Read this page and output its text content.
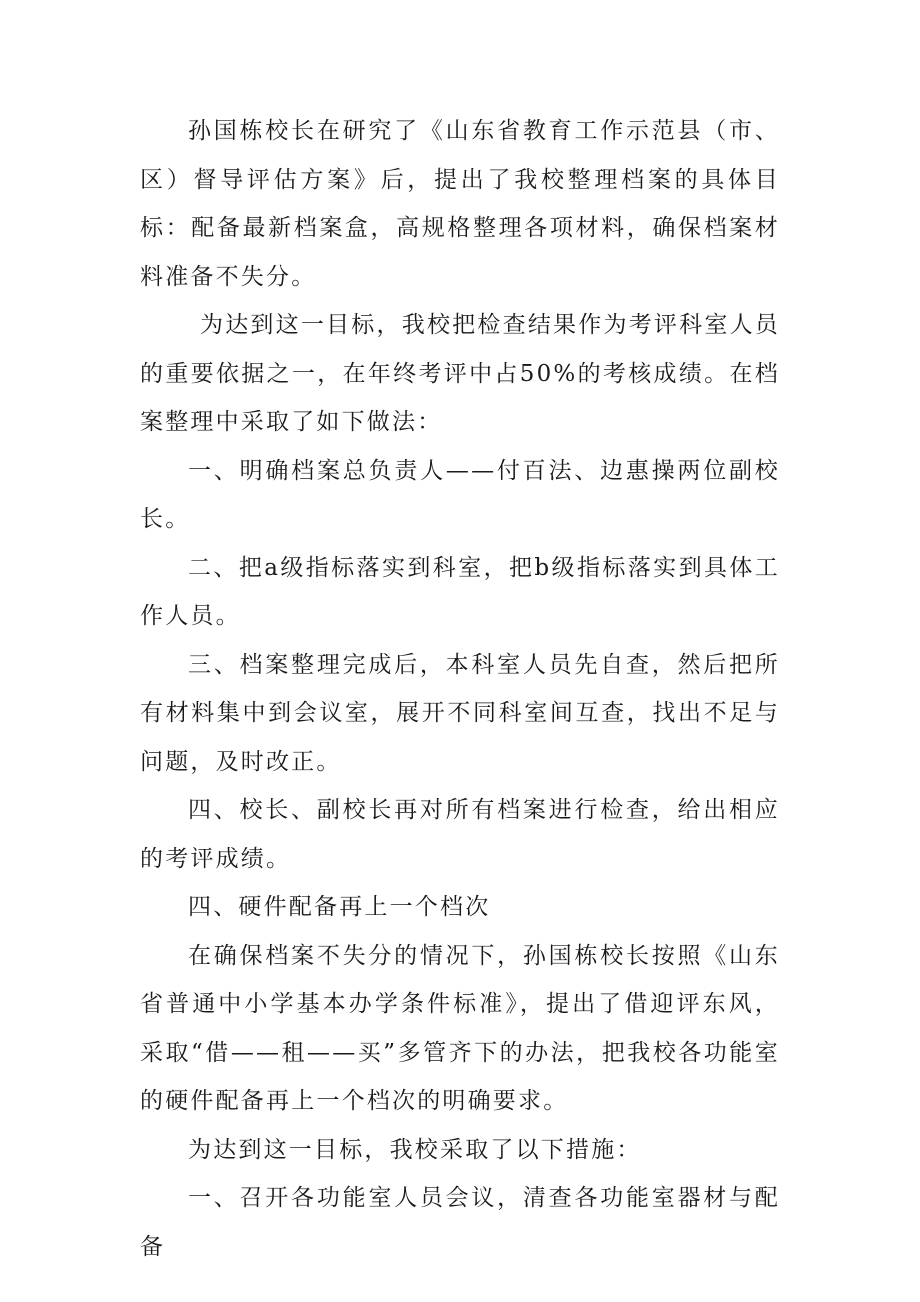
孙国栋校长在研究了《山东省教育工作示范县（市、区）督导评估方案》后，提出了我校整理档案的具体目标：配备最新档案盒，高规格整理各项材料，确保档案材料准备不失分。

为达到这一目标，我校把检查结果作为考评科室人员的重要依据之一，在年终考评中占50%的考核成绩。在档案整理中采取了如下做法：

一、明确档案总负责人——付百法、边惠操两位副校长。

二、把a级指标落实到科室，把b级指标落实到具体工作人员。

三、档案整理完成后，本科室人员先自查，然后把所有材料集中到会议室，展开不同科室间互查，找出不足与问题，及时改正。

四、校长、副校长再对所有档案进行检查，给出相应的考评成绩。

四、硬件配备再上一个档次

在确保档案不失分的情况下，孙国栋校长按照《山东省普通中小学基本办学条件标准》，提出了借迎评东风，采取“借——租——买”多管齐下的办法，把我校各功能室的硬件配备再上一个档次的明确要求。

为达到这一目标，我校采取了以下措施：

一、召开各功能室人员会议，清查各功能室器材与配备
